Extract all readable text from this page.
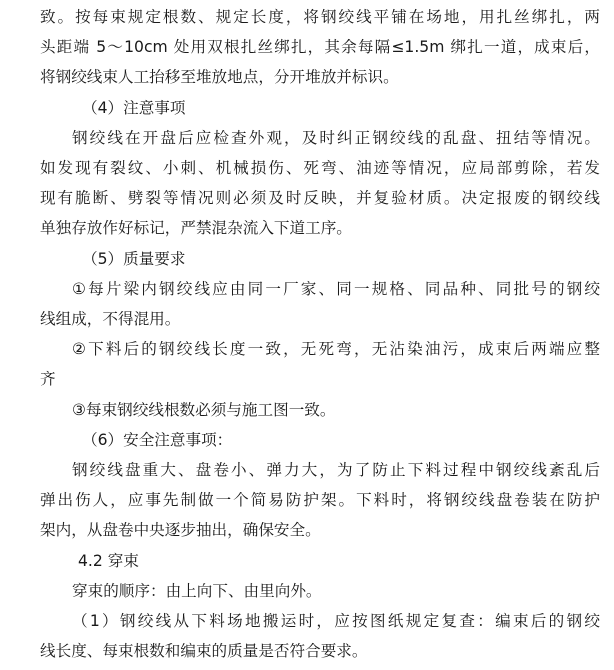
致。按每束规定根数、规定长度，将钢绞线平铺在场地，用扎丝绑扎，两
头距端 5～10cm 处用双根扎丝绑扎，其余每隔≤1.5m 绑扎一道，成束后，
将钢绞线束人工抬移至堆放地点，分开堆放并标识。
（4）注意事项
钢绞线在开盘后应检查外观，及时纠正钢绞线的乱盘、扭结等情况。
如发现有裂纹、小刺、机械损伤、死弯、油迹等情况，应局部剪除，若发
现有脆断、劈裂等情况则必须及时反映，并复验材质。决定报废的钢绞线
单独存放作好标记，严禁混杂流入下道工序。
（5）质量要求
①每片梁内钢绞线应由同一厂家、同一规格、同品种、同批号的钢绞
线组成，不得混用。
②下料后的钢绞线长度一致，无死弯，无沾染油污，成束后两端应整
齐
③每束钢绞线根数必须与施工图一致。
（6）安全注意事项：
钢绞线盘重大、盘卷小、弹力大，为了防止下料过程中钢绞线紊乱后
弹出伤人，应事先制做一个简易防护架。下料时，将钢绞线盘卷装在防护
架内，从盘卷中央逐步抽出，确保安全。
4.2 穿束
穿束的顺序：由上向下、由里向外。
（1）钢绞线从下料场地搬运时，应按图纸规定复查：编束后的钢绞
线长度、每束根数和编束的质量是否符合要求。
